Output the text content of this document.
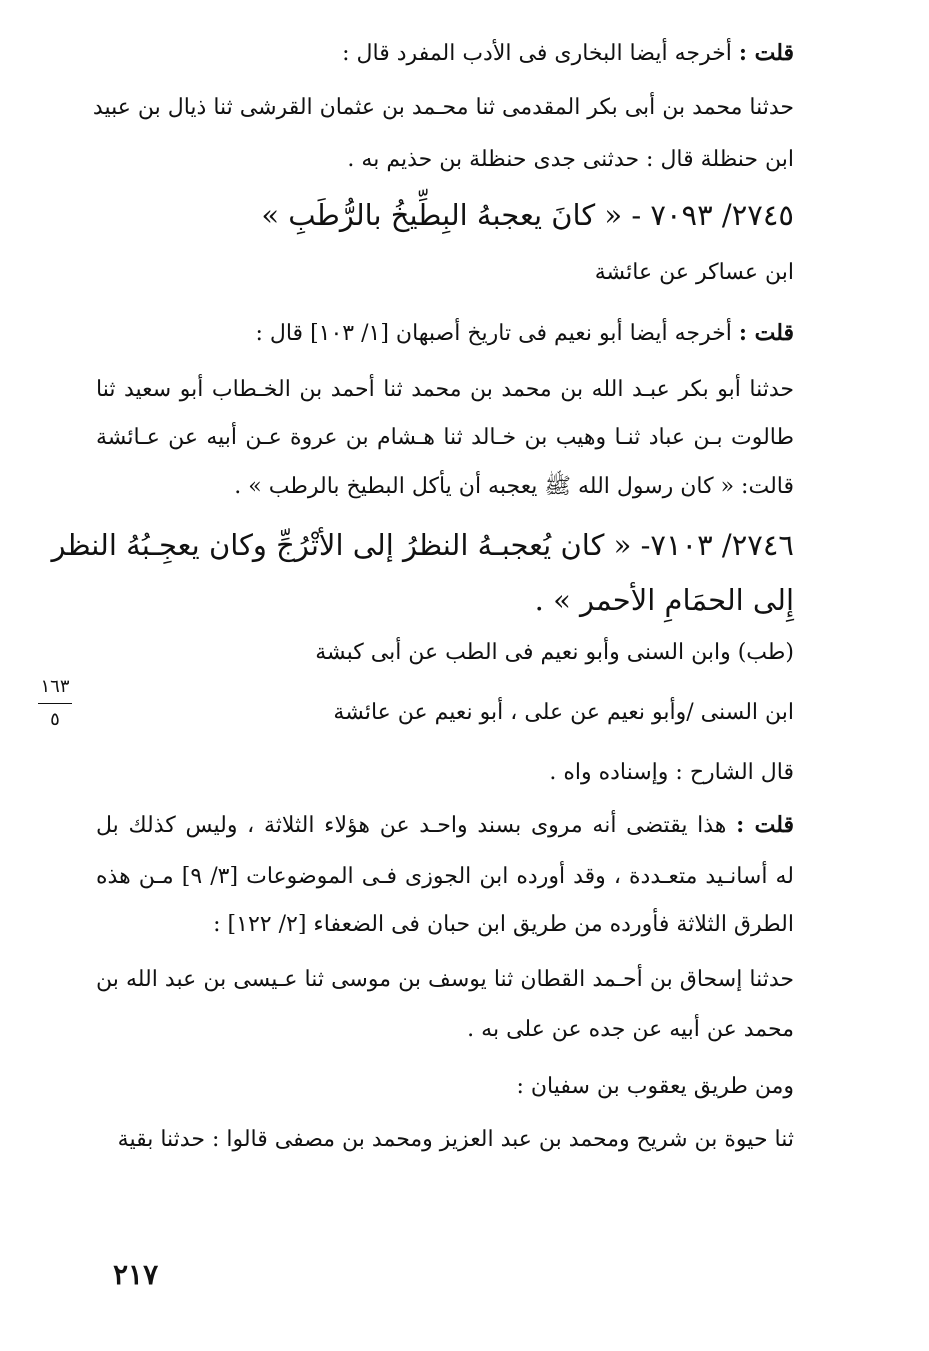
قلت : أخرجه أيضا البخارى فى الأدب المفرد قال :
حدثنا محمد بن أبى بكر المقدمى ثنا محـمد بن عثمان القرشى ثنا ذيال بن عبيد
ابن حنظلة قال : حدثنى جدى حنظلة بن حذيم به .
٢٧٤٥/ ٧٠٩٣ - « كانَ يعجبهُ البِطِّيخُ بالرُّطَبِ »
ابن عساكر عن عائشة
قلت : أخرجه أيضا أبو نعيم فى تاريخ أصبهان [١/ ١٠٣] قال :
حدثنا أبو بكر عبـد الله بن محمد بن محمد ثنا أحمد بن الخـطاب أبو سعيد ثنا
طالوت بـن عباد ثنـا وهيب بن خـالد ثنا هـشام بن عروة عـن أبيه عن عـائشة
قالت: « كان رسول الله ﷺ يعجبه أن يأكل البطيخ بالرطب » .
٢٧٤٦/ ٧١٠٣- « كان يُعجبـهُ النظرُ إلى الأتْرُجِّ وكان يعجِـبُهُ النظر
إِلى الحمَامِ الأحمر » .
(طب) وابن السنى وأبو نعيم فى الطب عن أبى كبشة
ابن السنى /وأبو نعيم عن على ، أبو نعيم عن عائشة
قال الشارح : وإسناده واه .
قلت : هذا يقتضى أنه مروى بسند واحـد عن هؤلاء الثلاثة ، وليس كذلك بل
له أسانـيد متعـددة ، وقد أورده ابن الجوزى فـى الموضوعات [٣/ ٩] مـن هذه
الطرق الثلاثة فأورده من طريق ابن حبان فى الضعفاء [٢/ ١٢٢] :
حدثنا إسحاق بن أحـمد القطان ثنا يوسف بن موسى ثنا عـيسى بن عبد الله بن
محمد عن أبيه عن جده عن على به .
ومن طريق يعقوب بن سفيان :
ثنا حيوة بن شريح ومحمد بن عبد العزيز ومحمد بن مصفى قالوا : حدثنا بقية
١٦٣
٥
٢١٧
